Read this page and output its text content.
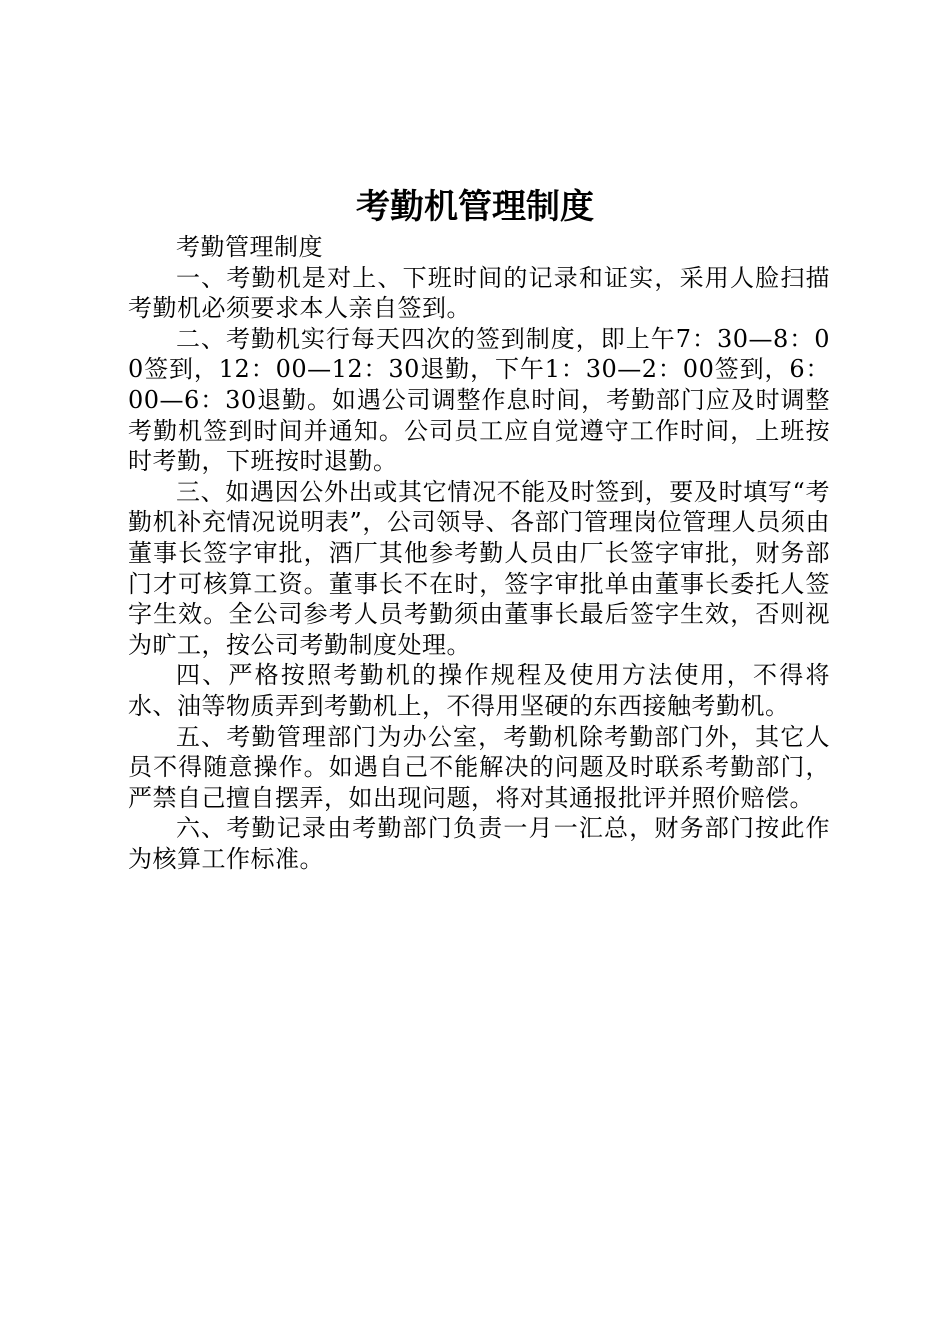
考勤机管理制度

考勤管理制度

一、考勤机是对上、下班时间的记录和证实，采用人脸扫描考勤机必须要求本人亲自签到。

二、考勤机实行每天四次的签到制度，即上午7：30—8：00签到，12：00—12：30退勤，下午1：30—2：00签到，6：00—6：30退勤。如遇公司调整作息时间，考勤部门应及时调整考勤机签到时间并通知。公司员工应自觉遵守工作时间，上班按时考勤，下班按时退勤。

三、如遇因公外出或其它情况不能及时签到，要及时填写“考勤机补充情况说明表”，公司领导、各部门管理岗位管理人员须由董事长签字审批，酒厂其他参考勤人员由厂长签字审批，财务部门才可核算工资。董事长不在时，签字审批单由董事长委托人签字生效。全公司参考人员考勤须由董事长最后签字生效，否则视为旷工，按公司考勤制度处理。

四、严格按照考勤机的操作规程及使用方法使用，不得将水、油等物质弄到考勤机上，不得用坚硬的东西接触考勤机。

五、考勤管理部门为办公室，考勤机除考勤部门外，其它人员不得随意操作。如遇自己不能解决的问题及时联系考勤部门，严禁自己擅自摆弄，如出现问题，将对其通报批评并照价赔偿。

六、考勤记录由考勤部门负责一月一汇总，财务部门按此作为核算工作标准。
